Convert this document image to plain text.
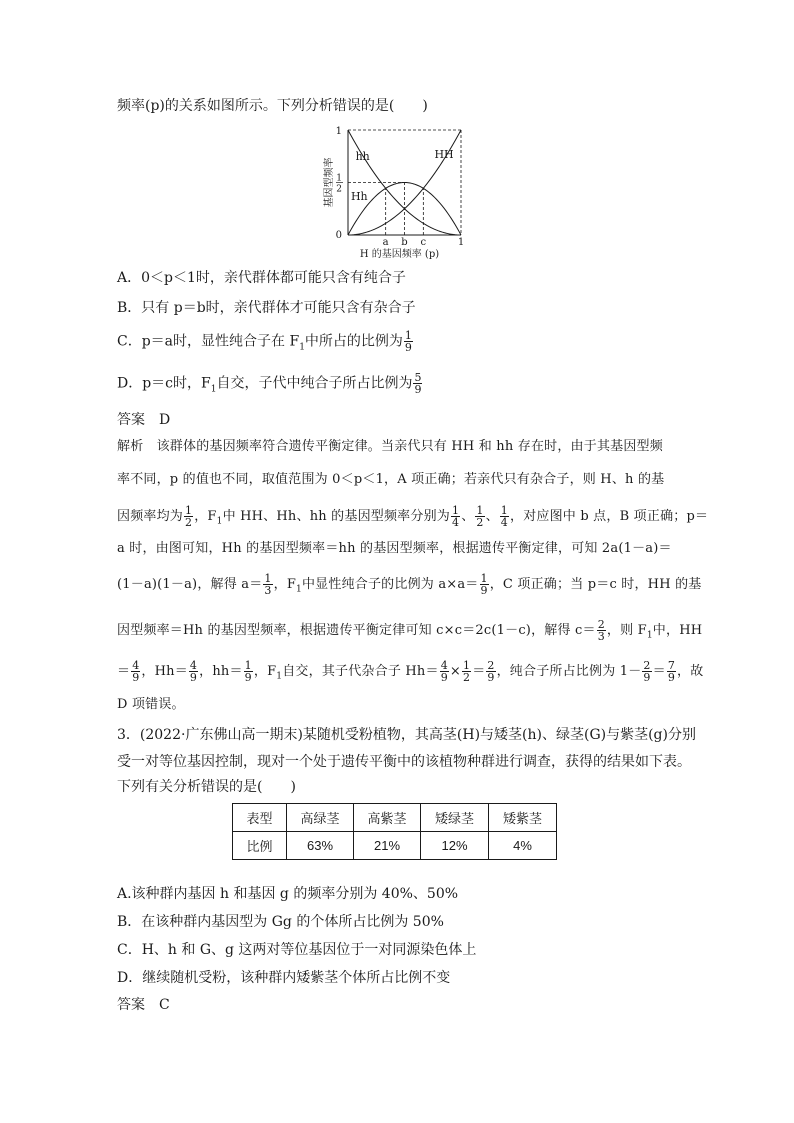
频率(p)的关系如图所示。下列分析错误的是(　　)
hh	HH
Hh
1
1
2
0
a b c	1
H 的基因频率 (p)
基因型频率
A．0＜p＜1时，亲代群体都可能只含有纯合子
B．只有 p＝b时，亲代群体才可能只含有杂合子
C．p＝a时，显性纯合子在 $F_1$中所占的比例为 $\frac{1}{9}$
D．p＝c时，$F_1$自交，子代中纯合子所占比例为 $\frac{5}{9}$
答案　D
解析　该群体的基因频率符合遗传平衡定律。当亲代只有 HH 和 hh 存在时，由于其基因型频
率不同，p 的值也不同，取值范围为 0＜p＜1，A 项正确；若亲代只有杂合子，则 H、h 的基
因频率均为 $\frac{1}{2}$ ，$F_1$中 HH、Hh、hh 的基因型频率分别为 $\frac{1}{4}$ 、 $\frac{1}{2}$ 、 $\frac{1}{4}$ ，对应图中 b 点，B 项正确；p＝
a 时，由图可知，Hh 的基因型频率＝hh 的基因型频率，根据遗传平衡定律，可知 2a(1－a)＝
(1－a)(1－a)，解得 $a= \frac{1}{3}$ ，$F_1$中显性纯合子的比例为 $a\times a= \frac{1}{9}$ ，C 项正确；当 p＝c 时，HH 的基
因型频率＝Hh 的基因型频率，根据遗传平衡定律可知 c×c＝2c(1－c)，解得 $c= \frac{2}{3}$ ，则 $F_1$中，HH
＝ $\frac{4}{9}$ ，$Hh= \frac{4}{9}$ ，$hh= \frac{1}{9}$ ，$F_1$自交，其子代杂合子 $Hh= \frac{4}{9} \times \frac{1}{2} = \frac{2}{9}$ ，纯合子所占比例为 $1- \frac{2}{9} = \frac{7}{9}$ ，故
D 项错误。
3．(2022·广东佛山高一期末)某随机受粉植物，其高茎(H)与矮茎(h)、绿茎(G)与紫茎(g)分别
受一对等位基因控制，现对一个处于遗传平衡中的该植物种群进行调查，获得的结果如下表。
下列有关分析错误的是(　　)
表型	高绿茎	高紫茎	矮绿茎	矮紫茎
比例	63%	21%	12%	4%
A.该种群内基因 h 和基因 g 的频率分别为 40%、50%
B．在该种群内基因型为 Gg 的个体所占比例为 50%
C．H、h 和 G、g 这两对等位基因位于一对同源染色体上
D．继续随机受粉，该种群内矮紫茎个体所占比例不变
答案　C
